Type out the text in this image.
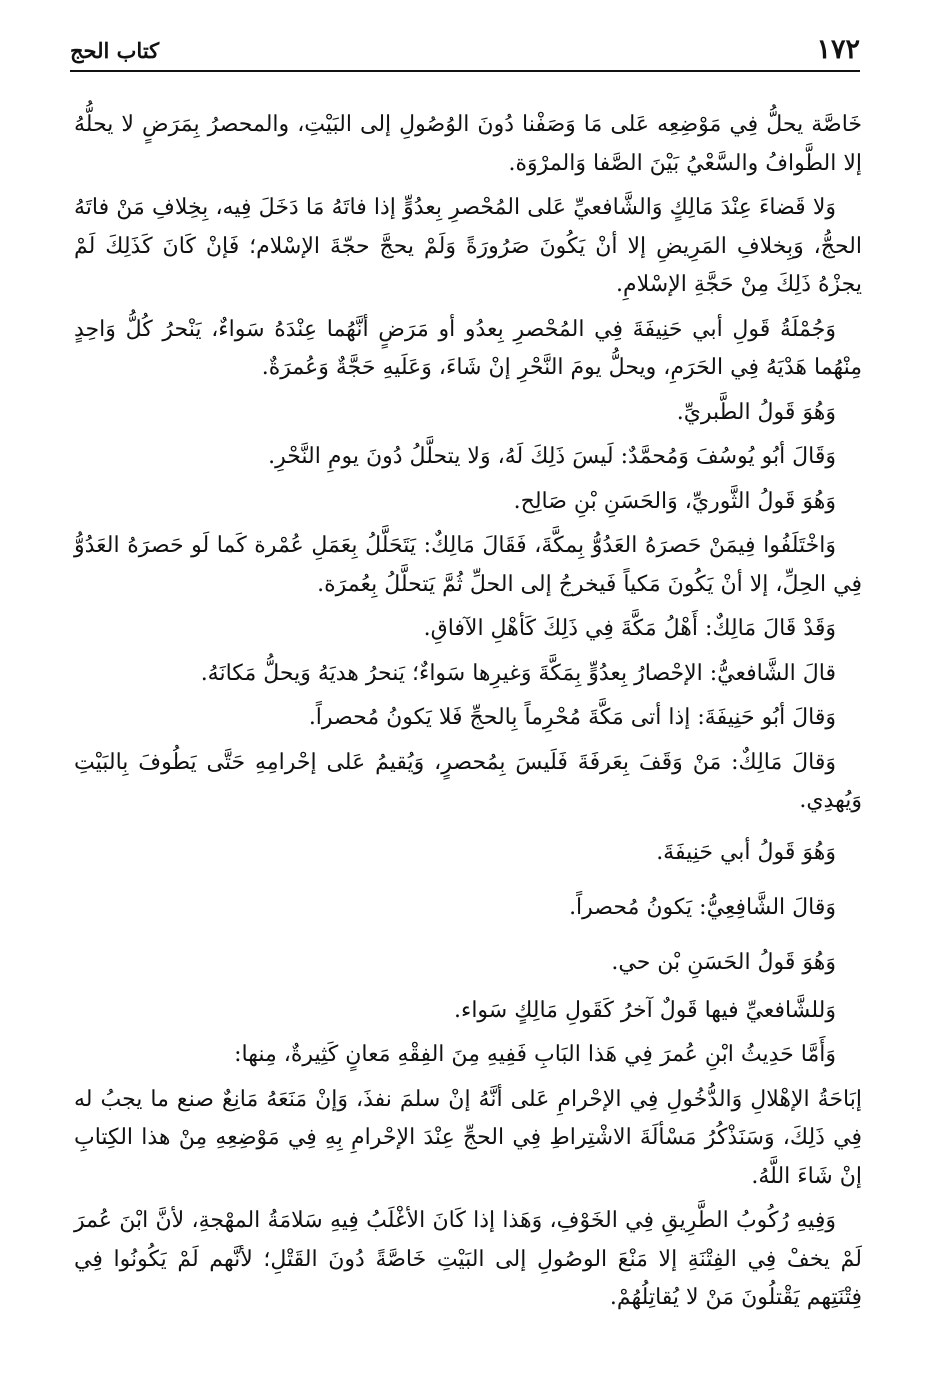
١٧٢
كتاب الحج

خَاصَّة يحلُّ فِي مَوْضِعِه عَلى مَا وَصَفْنا دُونَ الوُصُولِ إلى البَيْتِ، والمحصرُ بِمَرَضٍ لا يحلُّهُ إلا الطَّوافُ والسَّعْيُ بَيْنَ الصَّفا وَالمرْوَة.

وَلا قَضاءَ عِنْدَ مَالِكٍ وَالشَّافعيِّ عَلى المُحْصرِ بِعدُوٍّ إذا فاتَهُ مَا دَخَلَ فِيه، بِخِلافِ مَنْ فاتَهُ الحجُّ، وَبِخلافِ المَرِيضِ إلا أنْ يَكُونَ صَرُورَةً وَلَمْ يحجَّ حجّةَ الإسْلام؛ فَإنْ كَانَ كَذَلِكَ لَمْ يجزْهُ ذَلِكَ مِنْ حَجَّةِ الإسْلامِ.

وَجُمْلَةُ قَولِ أبي حَنِيفَةَ فِي المُحْصرِ بِعدُو أو مَرَضٍ أنَّهُما عِنْدَهُ سَواءٌ، يَنْحرُ كُلُّ وَاحِدٍ مِنْهُما هَدْيَهُ فِي الحَرَمِ، ويحلُّ يومَ النَّحْرِ إنْ شَاءَ، وَعَلَيهِ حَجَّةٌ وَعُمرَةٌ.

وَهُوَ قَولُ الطَّبريِّ.

وَقَالَ أبُو يُوسُفَ وَمُحمَّدٌ: لَيسَ ذَلِكَ لَهُ، وَلا يتحلَّلُ دُونَ يومِ النَّحْرِ.

وَهُوَ قَولُ الثَّوريِّ، وَالحَسَنِ بْنِ صَالِح.

وَاخْتَلَفُوا فِيمَنْ حَصرَهُ العَدُوُّ بِمكَّةَ، فَقَالَ مَالِكٌ: يَتَحَلَّلُ بِعَمَلِ عُمْرة كَما لَو حَصرَهُ العَدُوُّ فِي الحِلِّ، إلا أنْ يَكُونَ مَكياً فَيخرجُ إلى الحلِّ ثُمَّ يَتحلَّلُ بِعُمرَة.

وَقَدْ قَالَ مَالِكٌ: أَهْلُ مَكَّةَ فِي ذَلِكَ كَأهْلِ الآفاقِ.

قالَ الشَّافعيُّ: الإحْصارُ بِعدُوٍّ بِمَكَّةَ وَغيرِها سَواءٌ؛ يَنحرُ هديَهُ وَيحلُّ مَكانَهُ.

وَقالَ أبُو حَنِيفَةَ: إذا أتى مَكَّةَ مُحْرِماً بِالحجِّ فَلا يَكونُ مُحصراً.

وَقالَ مَالِكٌ: مَنْ وَقَفَ بِعَرفَةَ فَلَيسَ بِمُحصرٍ، وَيُقيمُ عَلى إحْرامِهِ حَتَّى يَطُوفَ بِالبَيْتِ وَيُهدِي.

وَهُوَ قَولُ أبي حَنِيفَةَ.

وَقالَ الشَّافِعِيُّ: يَكونُ مُحصراً.

وَهُوَ قَولُ الحَسَنِ بْن حي.

وَللشَّافعيِّ فيها قَولٌ آخرُ كَقَولِ مَالِكٍ سَواء.

وَأَمَّا حَدِيثُ ابْنِ عُمرَ فِي هَذا البَابِ فَفِيهِ مِنَ الفِقْهِ مَعانٍ كَثِيرةٌ، مِنها:

إبَاحَةُ الإهْلالِ وَالدُّخُولِ فِي الإحْرامِ عَلى أنَّهُ إنْ سلمَ نفذَ، وَإنْ مَنَعَهُ مَانِعٌ صنع ما يجبُ له فِي ذَلِكَ، وَسَنَذْكُرُ مَسْألَةَ الاشْتِراطِ فِي الحجِّ عِنْدَ الإحْرامِ بِهِ فِي مَوْضِعِهِ مِنْ هذا الكِتابِ إنْ شَاءَ اللَّهُ.

وَفِيهِ رُكُوبُ الطَّرِيقِ فِي الخَوْفِ، وَهَذا إذا كَانَ الأغْلَبُ فِيهِ سَلامَةُ المهْجةِ، لأنَّ ابْنَ عُمرَ لَمْ يخفْ فِي الفِتْنَةِ إلا مَنْعَ الوصُولِ إلى البَيْتِ خَاصَّةً دُونَ القَتْلِ؛ لأنَّهم لَمْ يَكُونُوا فِي فِتْنَتِهم يَقْتلُونَ مَنْ لا يُقاتِلُهُمْ.
